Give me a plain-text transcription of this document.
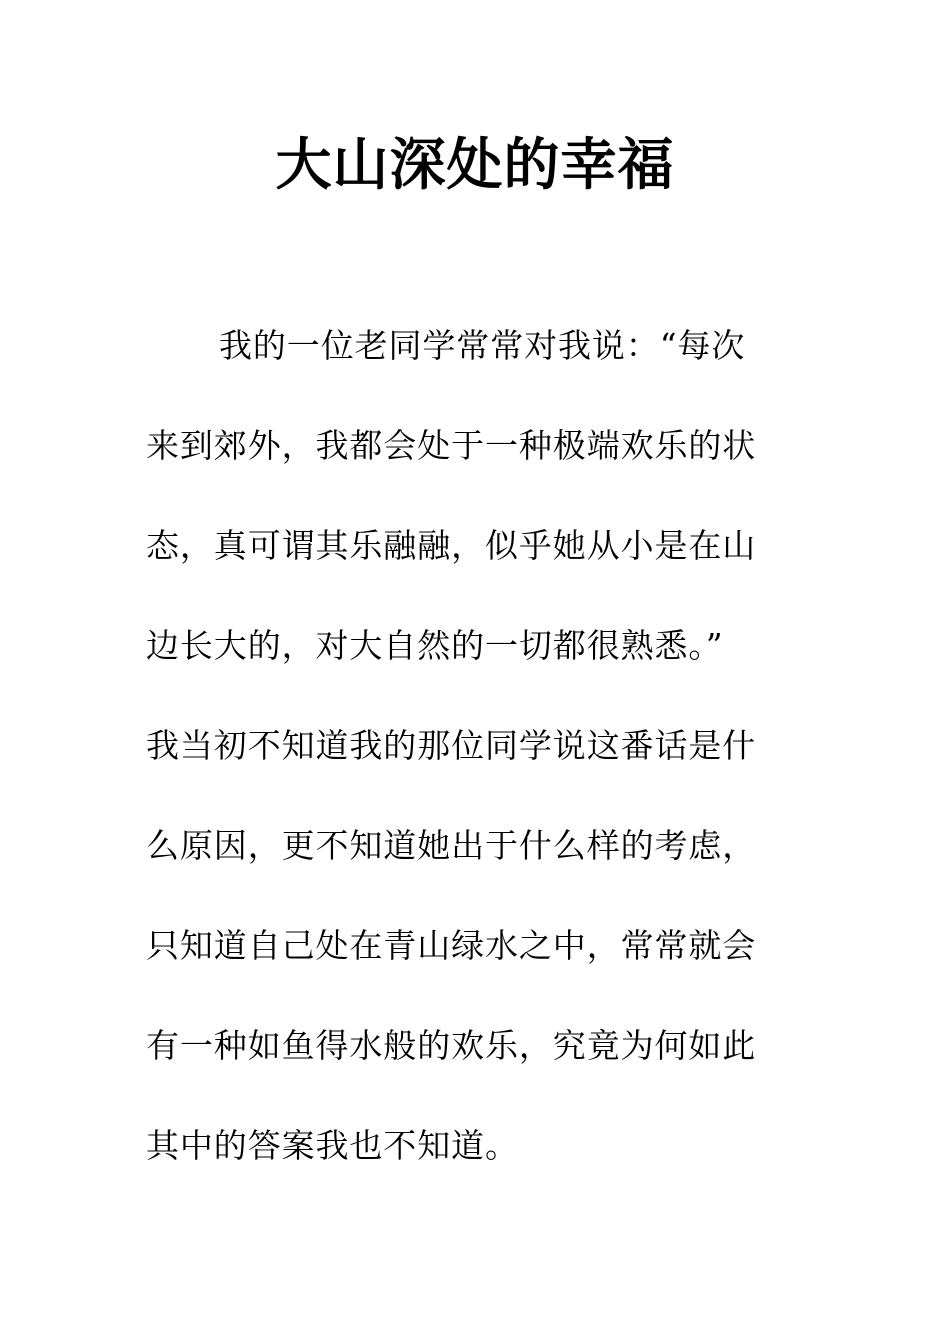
大山深处的幸福
我的一位老同学常常对我说：“每次
来到郊外，我都会处于一种极端欢乐的状
态，真可谓其乐融融，似乎她从小是在山
边长大的，对大自然的一切都很熟悉。”
我当初不知道我的那位同学说这番话是什
么原因，更不知道她出于什么样的考虑，
只知道自己处在青山绿水之中，常常就会
有一种如鱼得水般的欢乐，究竟为何如此
其中的答案我也不知道。
